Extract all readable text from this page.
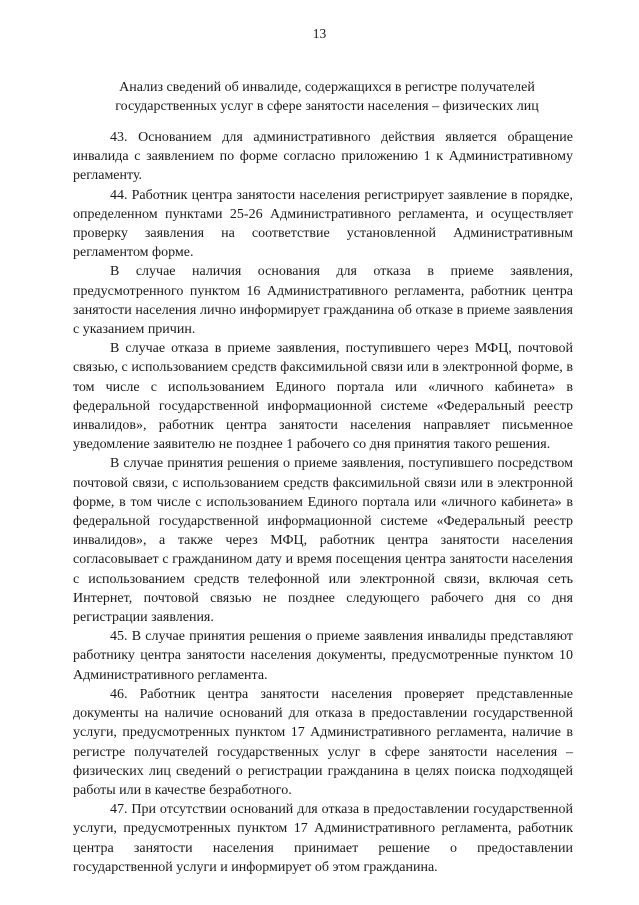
13
Анализ сведений об инвалиде, содержащихся в регистре получателей
государственных услуг в сфере занятости населения – физических лиц

43. Основанием для административного действия является обращение инвалида с заявлением по форме согласно приложению 1 к Административному регламенту.

44. Работник центра занятости населения регистрирует заявление в порядке, определенном пунктами 25-26 Административного регламента, и осуществляет проверку заявления на соответствие установленной Административным регламентом форме.

В случае наличия основания для отказа в приеме заявления, предусмотренного пунктом 16 Административного регламента, работник центра занятости населения лично информирует гражданина об отказе в приеме заявления с указанием причин.

В случае отказа в приеме заявления, поступившего через МФЦ, почтовой связью, с использованием средств факсимильной связи или в электронной форме, в том числе с использованием Единого портала или «личного кабинета» в федеральной государственной информационной системе «Федеральный реестр инвалидов», работник центра занятости населения направляет письменное уведомление заявителю не позднее 1 рабочего со дня принятия такого решения.

В случае принятия решения о приеме заявления, поступившего посредством почтовой связи, с использованием средств факсимильной связи или в электронной форме, в том числе с использованием Единого портала или «личного кабинета» в федеральной государственной информационной системе «Федеральный реестр инвалидов», а также через МФЦ, работник центра занятости населения согласовывает с гражданином дату и время посещения центра занятости населения с использованием средств телефонной или электронной связи, включая сеть Интернет, почтовой связью не позднее следующего рабочего дня со дня регистрации заявления.

45. В случае принятия решения о приеме заявления инвалиды представляют работнику центра занятости населения документы, предусмотренные пунктом 10 Административного регламента.

46. Работник центра занятости населения проверяет представленные документы на наличие оснований для отказа в предоставлении государственной услуги, предусмотренных пунктом 17 Административного регламента, наличие в регистре получателей государственных услуг в сфере занятости населения – физических лиц сведений о регистрации гражданина в целях поиска подходящей работы или в качестве безработного.

47. При отсутствии оснований для отказа в предоставлении государственной услуги, предусмотренных пунктом 17 Административного регламента, работник центра занятости населения принимает решение о предоставлении государственной услуги и информирует об этом гражданина.
